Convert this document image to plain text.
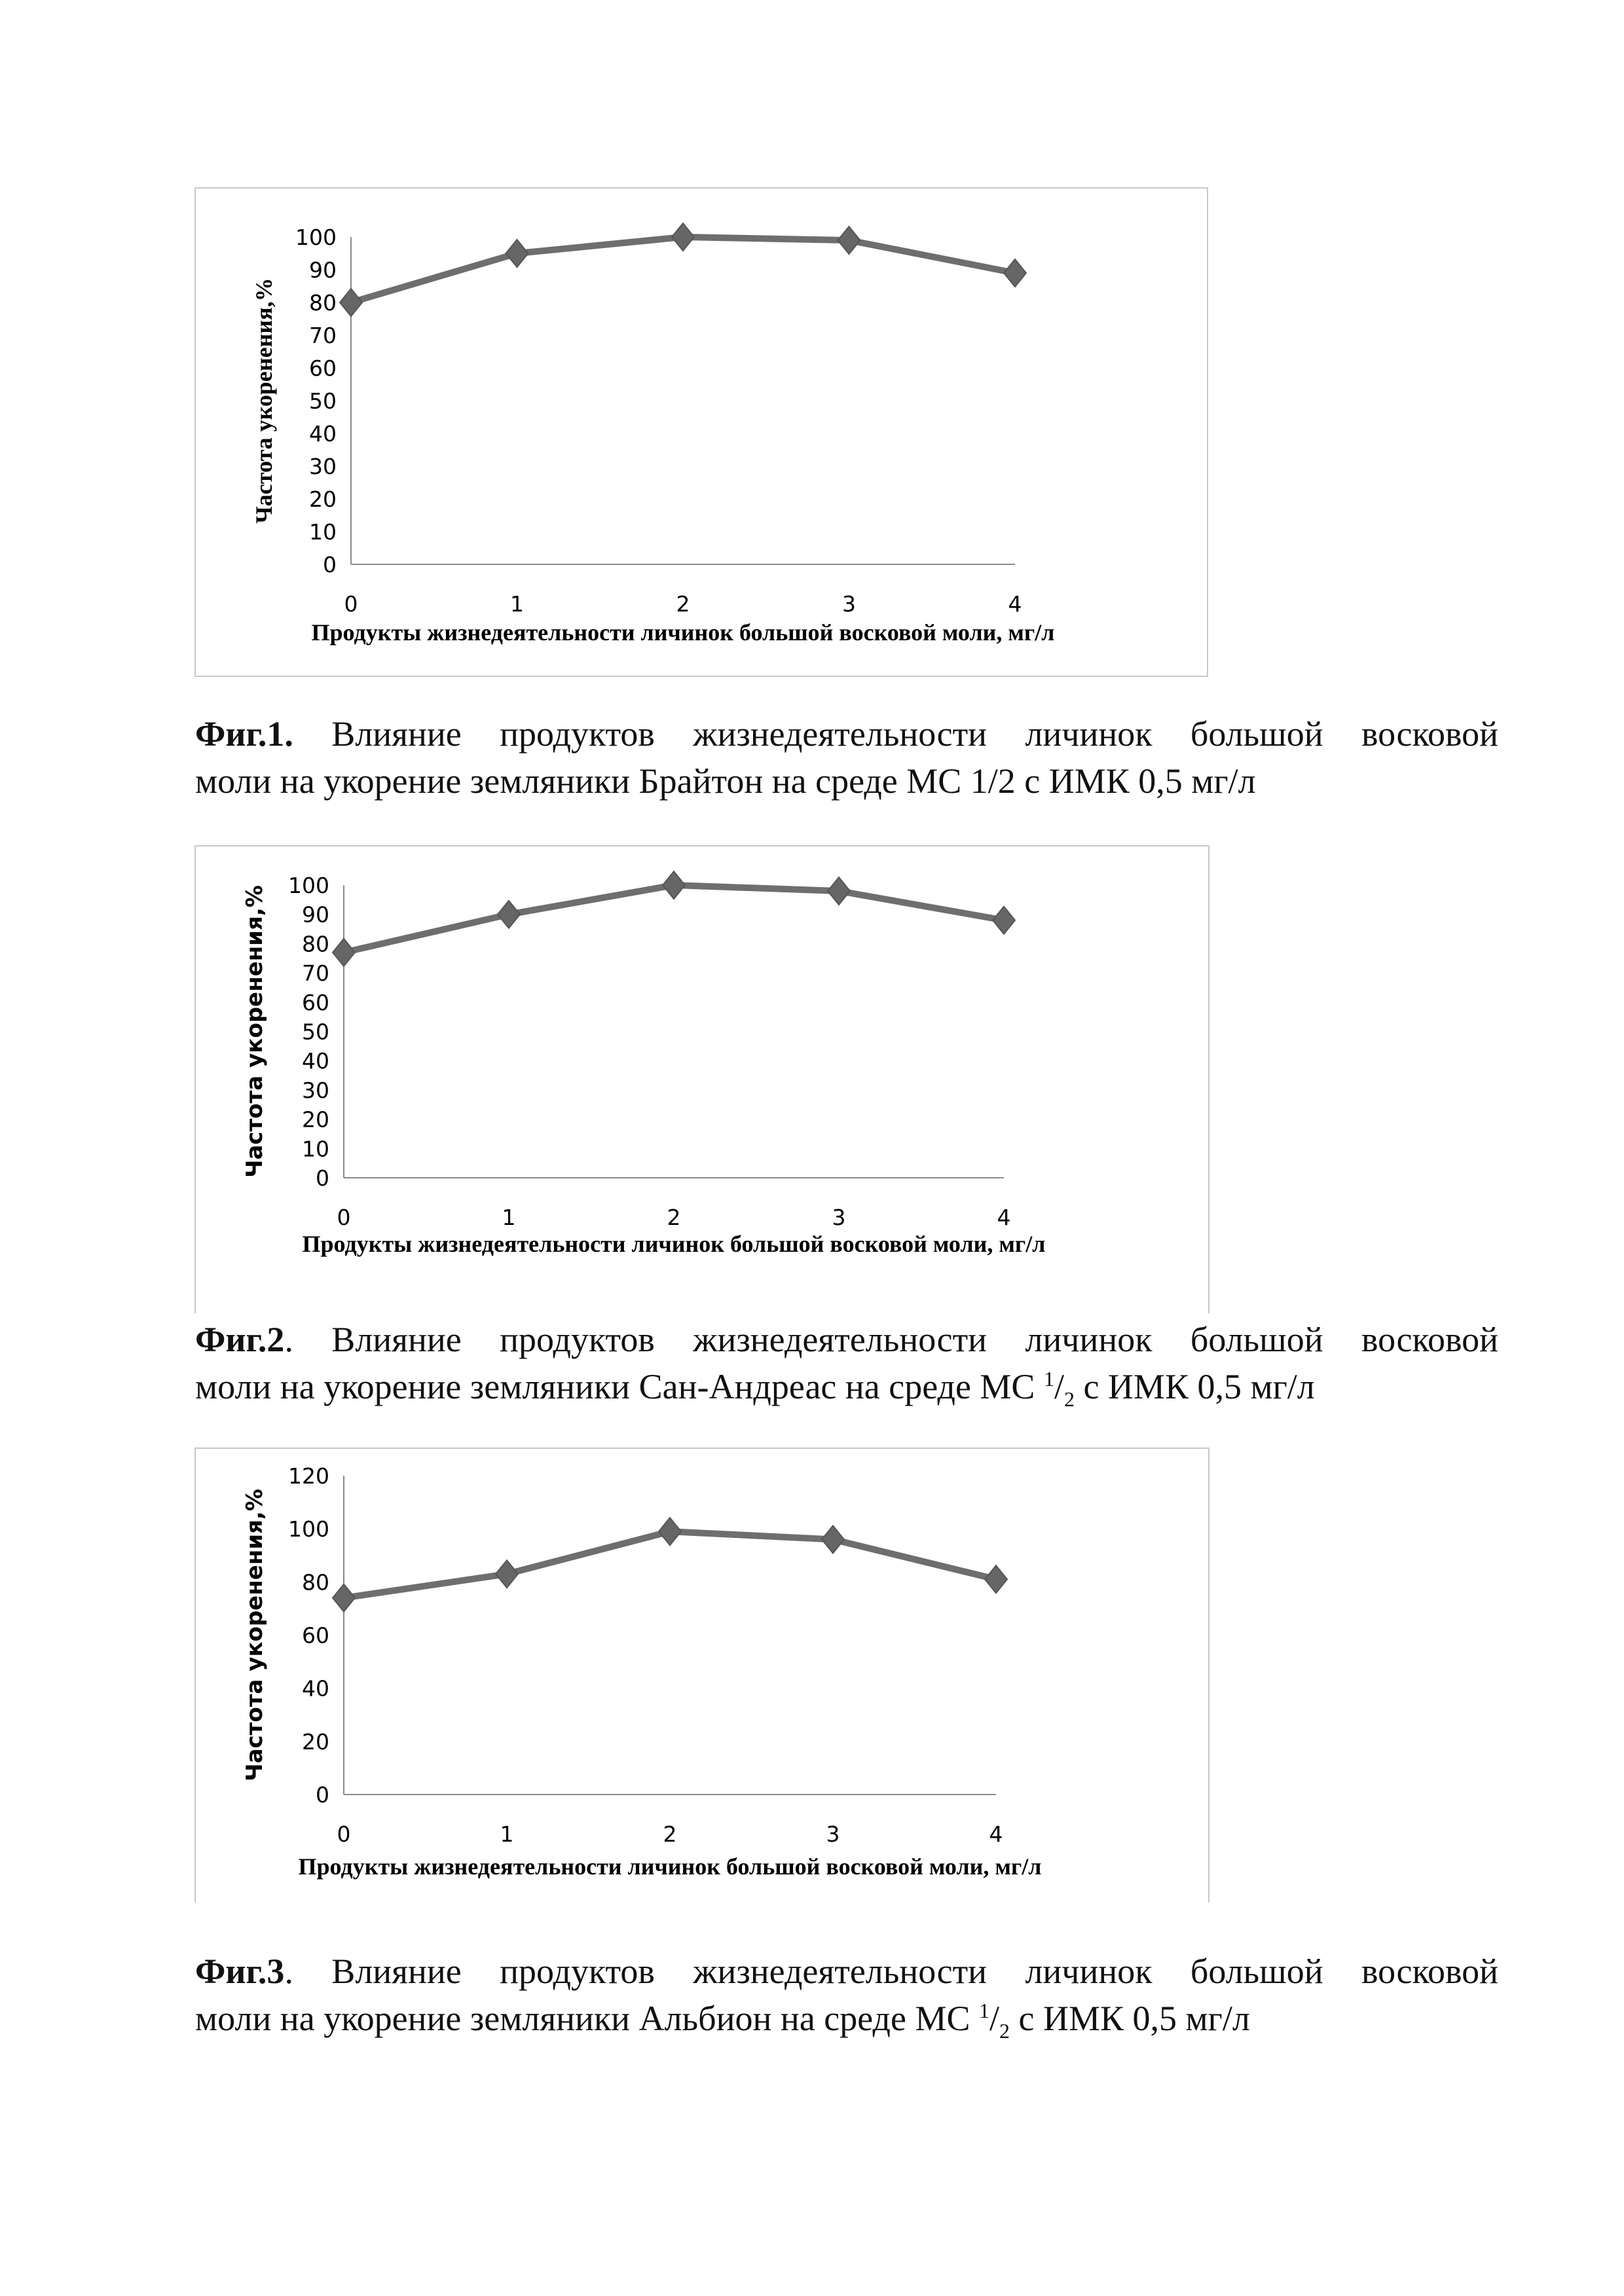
0
10
20
30
40
50
60
70
80
90
100
0	1	2	3	4
Продукты жизнедеятельности личинок большой восковой моли, мг/л
Частота укоренения,%
Фиг.1. Влияние продуктов жизнедеятельности личинок большой восковой
моли на укорение земляники Брайтон на среде МС 1/2 с ИМК 0,5 мг/л
0
10
20
30
40
50
60
70
80
90
100
0	1	2	3	4
Продукты жизнедеятельности личинок большой восковой моли, мг/л
Частота укоренения,%
Фиг.2. Влияние продуктов жизнедеятельности личинок большой восковой
моли на укорение земляники Сан-Андреас на среде МС 1/2 с ИМК 0,5 мг/л
0
20
40
60
80
100
120
0	1	2	3	4
Продукты жизнедеятельности личинок большой восковой моли, мг/л
Частота укоренения,%
Фиг.3. Влияние продуктов жизнедеятельности личинок большой восковой
моли на укорение земляники Альбион на среде МС 1/2 с ИМК 0,5 мг/л
